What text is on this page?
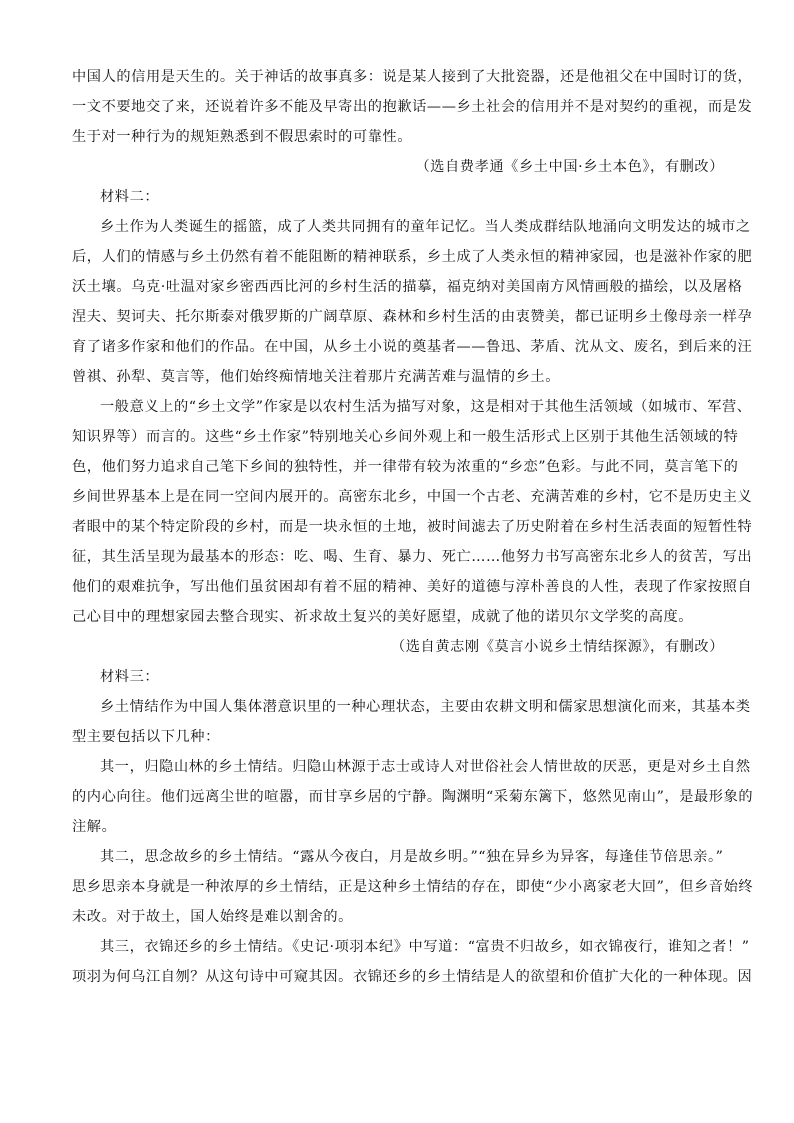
中国人的信用是天生的。关于神话的故事真多：说是某人接到了大批瓷器，还是他祖父在中国时订的货，
一文不要地交了来，还说着许多不能及早寄出的抱歉话——乡土社会的信用并不是对契约的重视，而是发
生于对一种行为的规矩熟悉到不假思索时的可靠性。
（选自费孝通《乡土中国·乡土本色》，有删改）
材料二：
乡土作为人类诞生的摇篮，成了人类共同拥有的童年记忆。当人类成群结队地涌向文明发达的城市之
后，人们的情感与乡土仍然有着不能阻断的精神联系，乡土成了人类永恒的精神家园，也是滋补作家的肥
沃土壤。乌克·吐温对家乡密西西比河的乡村生活的描摹，福克纳对美国南方风情画般的描绘，以及屠格
涅夫、契诃夫、托尔斯泰对俄罗斯的广阔草原、森林和乡村生活的由衷赞美，都已证明乡土像母亲一样孕
育了诸多作家和他们的作品。在中国，从乡土小说的奠基者——鲁迅、茅盾、沈从文、废名，到后来的汪
曾祺、孙犁、莫言等，他们始终痴情地关注着那片充满苦难与温情的乡土。
一般意义上的“乡土文学”作家是以农村生活为描写对象，这是相对于其他生活领域（如城市、军营、
知识界等）而言的。这些“乡土作家”特别地关心乡间外观上和一般生活形式上区别于其他生活领域的特
色，他们努力追求自己笔下乡间的独特性，并一律带有较为浓重的“乡恋”色彩。与此不同，莫言笔下的
乡间世界基本上是在同一空间内展开的。高密东北乡，中国一个古老、充满苦难的乡村，它不是历史主义
者眼中的某个特定阶段的乡村，而是一块永恒的土地，被时间滤去了历史附着在乡村生活表面的短暂性特
征，其生活呈现为最基本的形态：吃、喝、生育、暴力、死亡……他努力书写高密东北乡人的贫苦，写出
他们的艰难抗争，写出他们虽贫困却有着不屈的精神、美好的道德与淳朴善良的人性，表现了作家按照自
己心目中的理想家园去整合现实、祈求故土复兴的美好愿望，成就了他的诺贝尔文学奖的高度。
（选自黄志刚《莫言小说乡土情结探源》，有删改）
材料三：
乡土情结作为中国人集体潜意识里的一种心理状态，主要由农耕文明和儒家思想演化而来，其基本类
型主要包括以下几种：
其一，归隐山林的乡土情结。归隐山林源于志士或诗人对世俗社会人情世故的厌恶，更是对乡土自然
的内心向往。他们远离尘世的喧嚣，而甘享乡居的宁静。陶渊明“采菊东篱下，悠然见南山”，是最形象的
注解。
其二，思念故乡的乡土情结。“露从今夜白，月是故乡明。”“独在异乡为异客，每逢佳节倍思亲。”
思乡思亲本身就是一种浓厚的乡土情结，正是这种乡土情结的存在，即使“少小离家老大回”，但乡音始终
未改。对于故土，国人始终是难以割舍的。
其三，衣锦还乡的乡土情结。《史记·项羽本纪》中写道：“富贵不归故乡，如衣锦夜行，谁知之者！”
项羽为何乌江自刎？从这句诗中可窥其因。衣锦还乡的乡土情结是人的欲望和价值扩大化的一种体现。因
